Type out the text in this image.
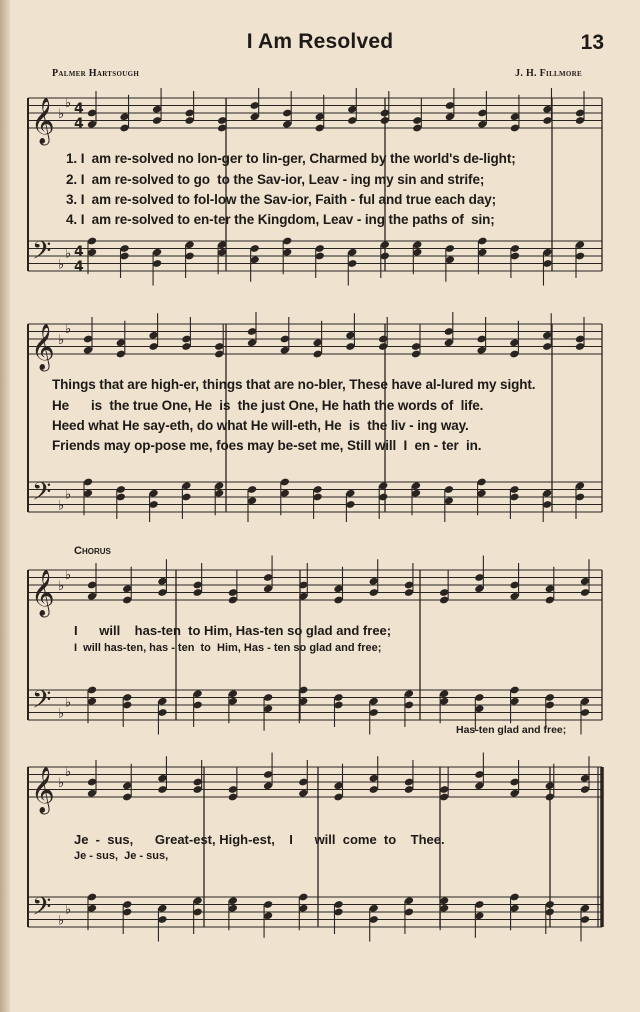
I Am Resolved	13
Palmer Hartsough	J. H. Fillmore
𝄞
𝄢
♭
♭
♭
♭
4
4
4
4
1. I  am re-solved no lon-ger to lin-ger, Charmed by the world's de-light;
2. I  am re-solved to go  to the Sav-ior, Leav - ing my sin and strife;
3. I  am re-solved to fol-low the Sav-ior, Faith - ful and true each day;
4. I  am re-solved to en-ter the Kingdom, Leav - ing the paths of  sin;
𝄞
𝄢
♭
♭
♭
♭
Things that are high-er, things that are no-bler, These have al-lured my sight.
He      is  the true One, He  is  the just One, He hath the words of  life.
Heed what He say-eth, do what He will-eth, He  is  the liv - ing way.
Friends may op-pose me, foes may be-set me, Still will  I  en - ter  in.
Chorus
𝄞
𝄢
♭
♭
♭
♭
I      will    has-ten  to Him, Has-ten so glad and free;
I  will has-ten, has - ten  to  Him, Has - ten so glad and free;
Has-ten glad and free;
𝄞
𝄢
♭
♭
♭
♭
Je  -  sus,      Great-est, High-est,    I      will  come  to    Thee.
Je - sus,  Je - sus,
